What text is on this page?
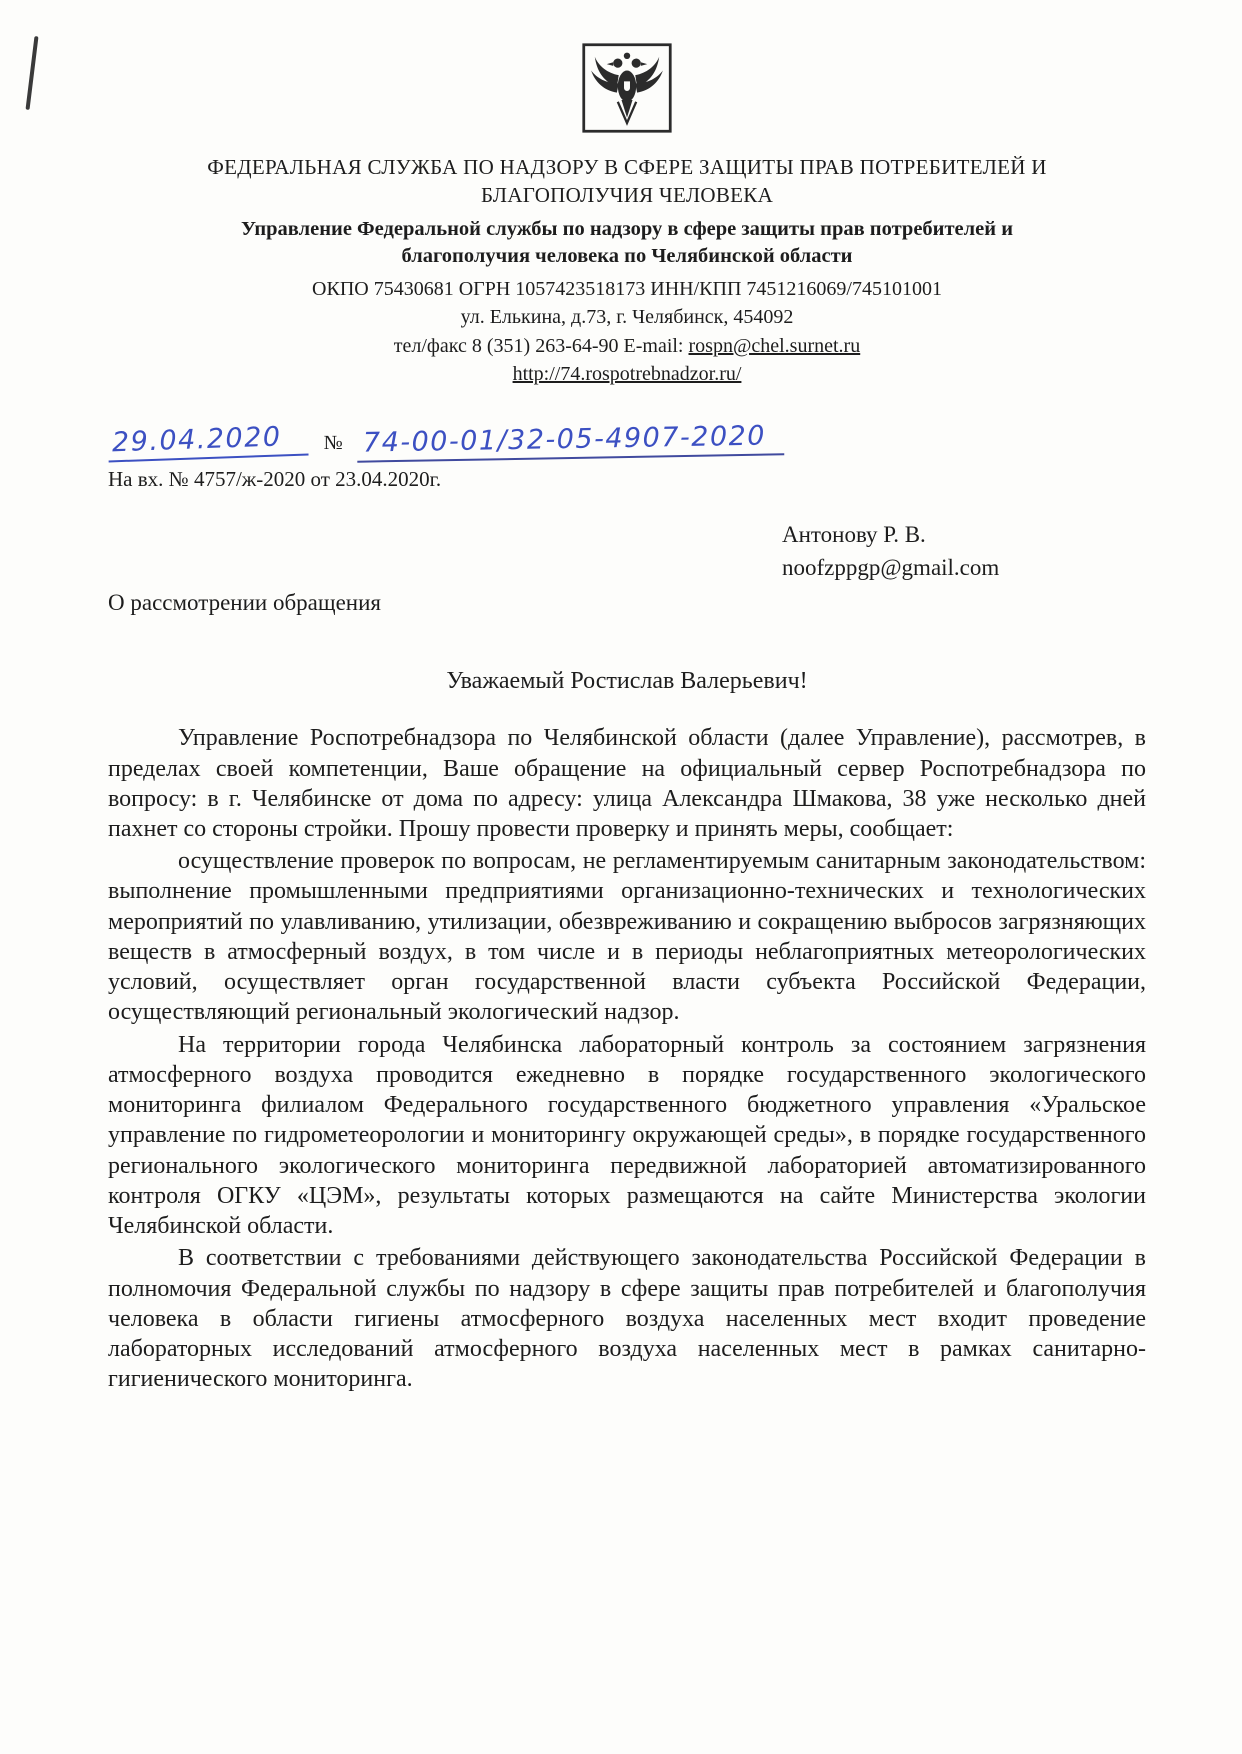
ФЕДЕРАЛЬНАЯ СЛУЖБА ПО НАДЗОРУ В СФЕРЕ ЗАЩИТЫ ПРАВ ПОТРЕБИТЕЛЕЙ И БЛАГОПОЛУЧИЯ ЧЕЛОВЕКА
Управление Федеральной службы по надзору в сфере защиты прав потребителей и благополучия человека по Челябинской области
ОКПО 75430681 ОГРН 1057423518173 ИНН/КПП 7451216069/745101001
ул. Елькина, д.73, г. Челябинск, 454092
тел/факс 8 (351) 263-64-90 E-mail: rospn@chel.surnet.ru
http://74.rospotrebnadzor.ru/
29.04.2020	№ 74-00-01/32-05-4907-2020
На вх. № 4757/ж-2020 от 23.04.2020г.
Антонову Р. В.
noofzppgp@gmail.com
О рассмотрении обращения
Уважаемый Ростислав Валерьевич!

Управление Роспотребнадзора по Челябинской области (далее Управление), рассмотрев, в пределах своей компетенции, Ваше обращение на официальный сервер Роспотребнадзора по вопросу: в г. Челябинске от дома по адресу: улица Александра Шмакова, 38 уже несколько дней пахнет со стороны стройки. Прошу провести проверку и принять меры, сообщает:

осуществление проверок по вопросам, не регламентируемым санитарным законодательством: выполнение промышленными предприятиями организационно-технических и технологических мероприятий по улавливанию, утилизации, обезвреживанию и сокращению выбросов загрязняющих веществ в атмосферный воздух, в том числе и в периоды неблагоприятных метеорологических условий, осуществляет орган государственной власти субъекта Российской Федерации, осуществляющий региональный экологический надзор.

На территории города Челябинска лабораторный контроль за состоянием загрязнения атмосферного воздуха проводится ежедневно в порядке государственного экологического мониторинга филиалом Федерального государственного бюджетного управления «Уральское управление по гидрометеорологии и мониторингу окружающей среды», в порядке государственного регионального экологического мониторинга передвижной лабораторией автоматизированного контроля ОГКУ «ЦЭМ», результаты которых размещаются на сайте Министерства экологии Челябинской области.

В соответствии с требованиями действующего законодательства Российской Федерации в полномочия Федеральной службы по надзору в сфере защиты прав потребителей и благополучия человека в области гигиены атмосферного воздуха населенных мест входит проведение лабораторных исследований атмосферного воздуха населенных мест в рамках санитарно-гигиенического мониторинга.
